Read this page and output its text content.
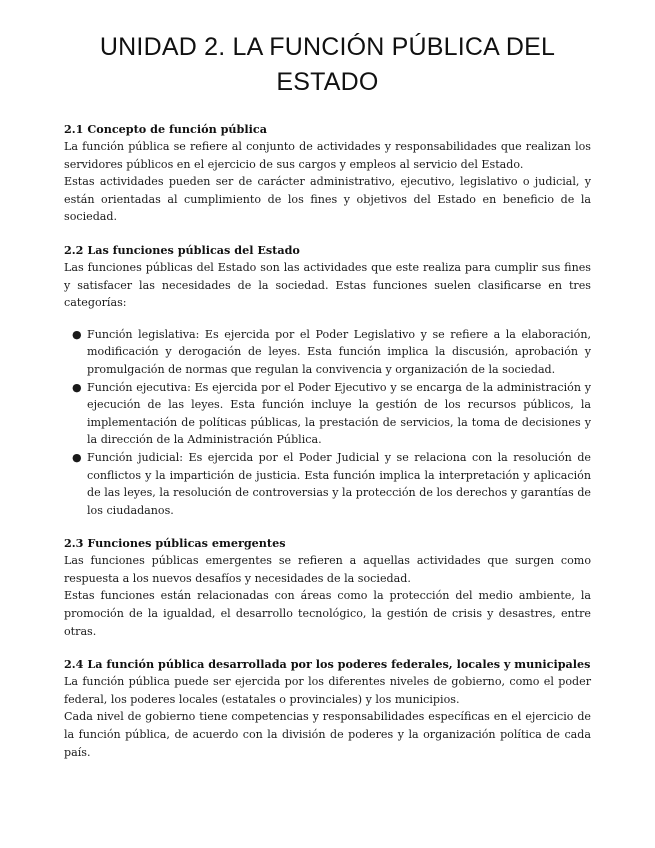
UNIDAD 2. LA FUNCIÓN PÚBLICA DEL ESTADO
2.1 Concepto de función pública

La función pública se refiere al conjunto de actividades y responsabilidades que realizan los servidores públicos en el ejercicio de sus cargos y empleos al servicio del Estado.

Estas actividades pueden ser de carácter administrativo, ejecutivo, legislativo o judicial, y están orientadas al cumplimiento de los fines y objetivos del Estado en beneficio de la sociedad.

2.2 Las funciones públicas del Estado

Las funciones públicas del Estado son las actividades que este realiza para cumplir sus fines y satisfacer las necesidades de la sociedad. Estas funciones suelen clasificarse en tres categorías:

● Función legislativa: Es ejercida por el Poder Legislativo y se refiere a la elaboración, modificación y derogación de leyes. Esta función implica la discusión, aprobación y promulgación de normas que regulan la convivencia y organización de la sociedad.
● Función ejecutiva: Es ejercida por el Poder Ejecutivo y se encarga de la administración y ejecución de las leyes. Esta función incluye la gestión de los recursos públicos, la implementación de políticas públicas, la prestación de servicios, la toma de decisiones y la dirección de la Administración Pública.
● Función judicial: Es ejercida por el Poder Judicial y se relaciona con la resolución de conflictos y la impartición de justicia. Esta función implica la interpretación y aplicación de las leyes, la resolución de controversias y la protección de los derechos y garantías de los ciudadanos.
2.3 Funciones públicas emergentes

Las funciones públicas emergentes se refieren a aquellas actividades que surgen como respuesta a los nuevos desafíos y necesidades de la sociedad.

Estas funciones están relacionadas con áreas como la protección del medio ambiente, la promoción de la igualdad, el desarrollo tecnológico, la gestión de crisis y desastres, entre otras.

2.4 La función pública desarrollada por los poderes federales, locales y municipales

La función pública puede ser ejercida por los diferentes niveles de gobierno, como el poder federal, los poderes locales (estatales o provinciales) y los municipios.

Cada nivel de gobierno tiene competencias y responsabilidades específicas en el ejercicio de la función pública, de acuerdo con la división de poderes y la organización política de cada país.
